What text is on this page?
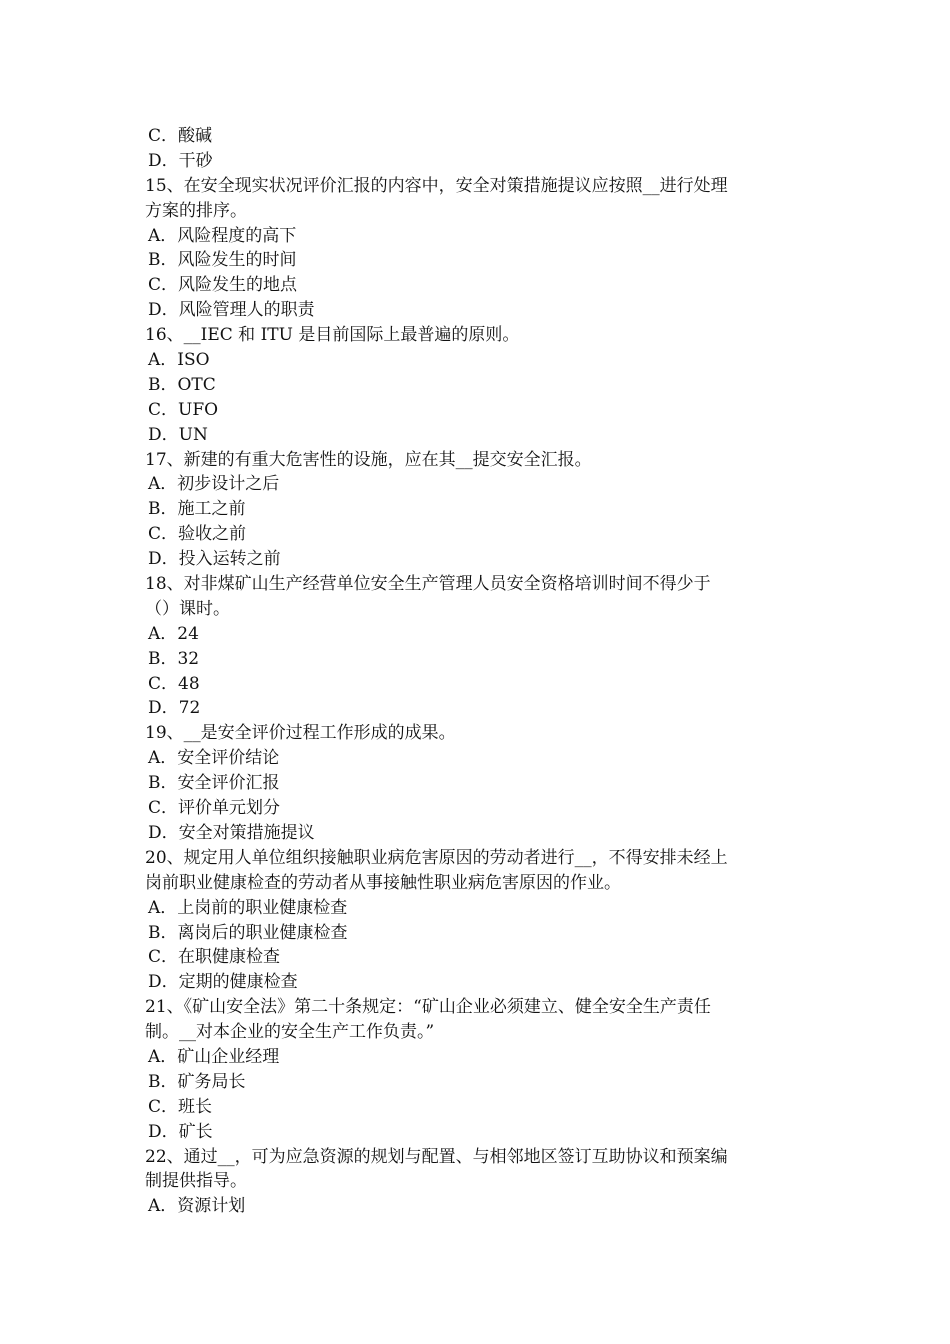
C．酸碱
D．干砂
15、在安全现实状况评价汇报的内容中，安全对策措施提议应按照__进行处理
方案的排序。
A．风险程度的高下
B．风险发生的时间
C．风险发生的地点
D．风险管理人的职责
16、__IEC 和 ITU 是目前国际上最普遍的原则。
A．ISO
B．OTC
C．UFO
D．UN
17、新建的有重大危害性的设施，应在其__提交安全汇报。
A．初步设计之后
B．施工之前
C．验收之前
D．投入运转之前
18、对非煤矿山生产经营单位安全生产管理人员安全资格培训时间不得少于
（）课时。
A．24
B．32
C．48
D．72
19、__是安全评价过程工作形成的成果。
A．安全评价结论
B．安全评价汇报
C．评价单元划分
D．安全对策措施提议
20、规定用人单位组织接触职业病危害原因的劳动者进行__，不得安排未经上
岗前职业健康检查的劳动者从事接触性职业病危害原因的作业。
A．上岗前的职业健康检查
B．离岗后的职业健康检查
C．在职健康检查
D．定期的健康检查
21、《矿山安全法》第二十条规定：“矿山企业必须建立、健全安全生产责任
制。__对本企业的安全生产工作负责。”
A．矿山企业经理
B．矿务局长
C．班长
D．矿长
22、通过__，可为应急资源的规划与配置、与相邻地区签订互助协议和预案编
制提供指导。
A．资源计划
